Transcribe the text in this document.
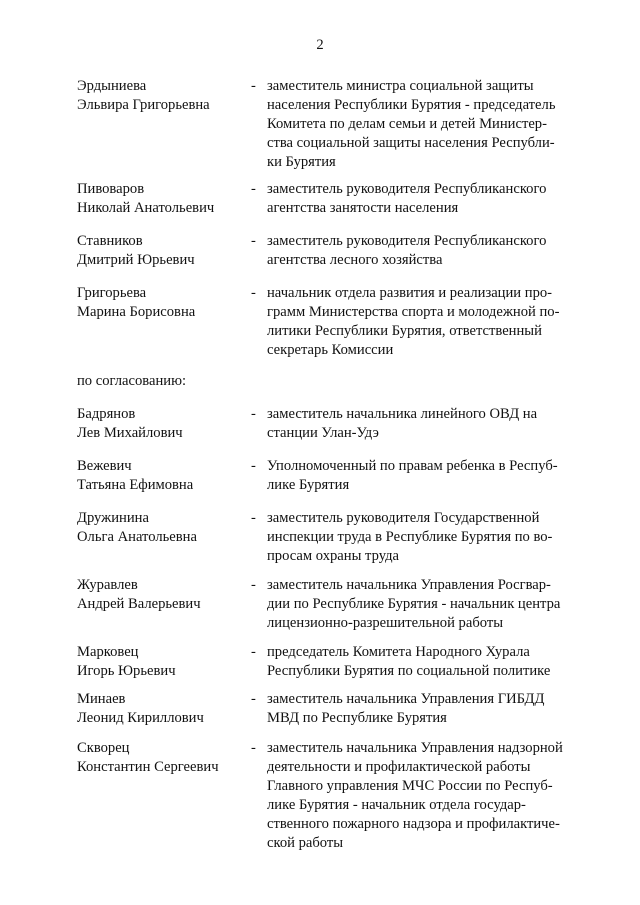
2
Эрдыниева
Эльвира Григорьевна
- заместитель министра социальной защиты
населения Республики Бурятия - председатель
Комитета по делам семьи и детей Министер-
ства социальной защиты населения Республи-
ки Бурятия
Пивоваров
Николай Анатольевич
- заместитель руководителя Республиканского
агентства занятости населения
Ставников
Дмитрий Юрьевич
- заместитель руководителя Республиканского
агентства лесного хозяйства
Григорьева
Марина Борисовна
- начальник отдела развития и реализации про-
грамм Министерства спорта и молодежной по-
литики Республики Бурятия, ответственный
секретарь Комиссии
по согласованию:
Бадрянов
Лев Михайлович
- заместитель начальника линейного ОВД на
станции Улан-Удэ
Вежевич
Татьяна Ефимовна
- Уполномоченный по правам ребенка в Респуб-
лике Бурятия
Дружинина
Ольга Анатольевна
- заместитель руководителя Государственной
инспекции труда в Республике Бурятия по во-
просам охраны труда
Журавлев
Андрей Валерьевич
- заместитель начальника Управления Росгвар-
дии по Республике Бурятия - начальник центра
лицензионно-разрешительной работы
Марковец
Игорь Юрьевич
- председатель Комитета Народного Хурала
Республики Бурятия по социальной политике
Минаев
Леонид Кириллович
- заместитель начальника Управления ГИБДД
МВД по Республике Бурятия
Скворец
Константин Сергеевич
- заместитель начальника Управления надзорной
деятельности и профилактической работы
Главного управления МЧС России по Респуб-
лике Бурятия - начальник отдела государ-
ственного пожарного надзора и профилактиче-
ской работы
